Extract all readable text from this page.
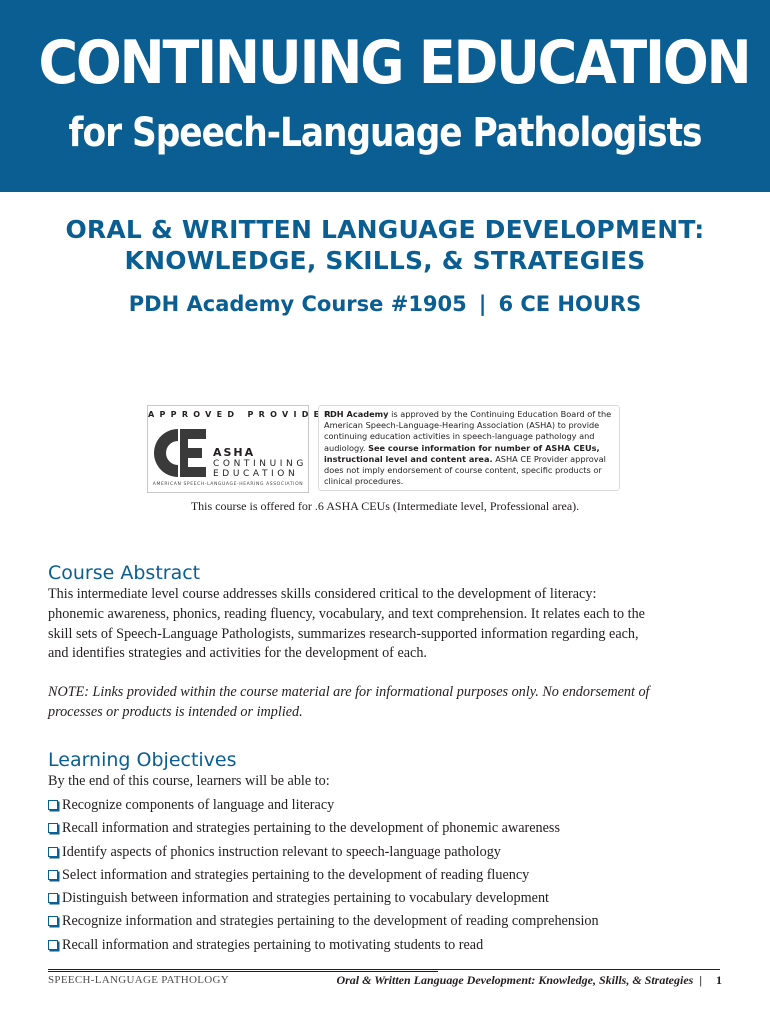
CONTINUING EDUCATION
for Speech-Language Pathologists
ORAL & WRITTEN LANGUAGE DEVELOPMENT:
KNOWLEDGE, SKILLS, & STRATEGIES
PDH Academy Course #1905 | 6 CE HOURS
APPROVED PROVIDER
ASHA
CONTINUING
EDUCATION
AMERICAN SPEECH-LANGUAGE-HEARING ASSOCIATION
PDH Academy is approved by the Continuing Education Board of the American Speech-Language-Hearing Association (ASHA) to provide continuing education activities in speech-language pathology and audiology. See course information for number of ASHA CEUs, instructional level and content area. ASHA CE Provider approval does not imply endorsement of course content, specific products or clinical procedures.
This course is offered for .6 ASHA CEUs (Intermediate level, Professional area).
Course Abstract
This intermediate level course addresses skills considered critical to the development of literacy:
phonemic awareness, phonics, reading fluency, vocabulary, and text comprehension. It relates each to the
skill sets of Speech-Language Pathologists, summarizes research-supported information regarding each,
and identifies strategies and activities for the development of each.
NOTE: Links provided within the course material are for informational purposes only. No endorsement of
processes or products is intended or implied.
Learning Objectives
By the end of this course, learners will be able to:
Recognize components of language and literacy
Recall information and strategies pertaining to the development of phonemic awareness
Identify aspects of phonics instruction relevant to speech-language pathology
Select information and strategies pertaining to the development of reading fluency
Distinguish between information and strategies pertaining to vocabulary development
Recognize information and strategies pertaining to the development of reading comprehension
Recall information and strategies pertaining to motivating students to read
SPEECH-LANGUAGE PATHOLOGY	Oral & Written Language Development: Knowledge, Skills, & Strategies | 1
